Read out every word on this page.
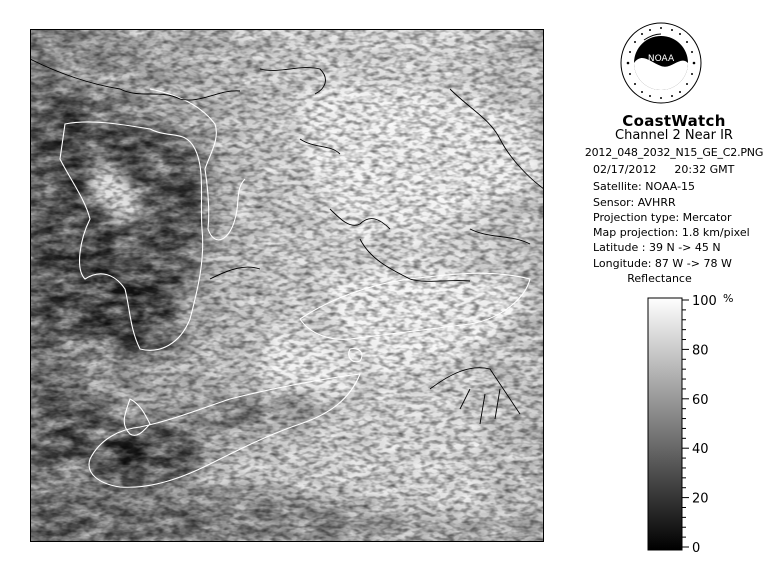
NOAA
CoastWatch
Channel 2 Near IR
2012_048_2032_N15_GE_C2.PNG
02/17/2012 20:32 GMT
Satellite: NOAA-15
Sensor: AVHRR
Projection type: Mercator
Map projection: 1.8 km/pixel
Latitude : 39 N -> 45 N
Longitude: 87 W -> 78 W
Reflectance
100
80
60
40
20
0
%
